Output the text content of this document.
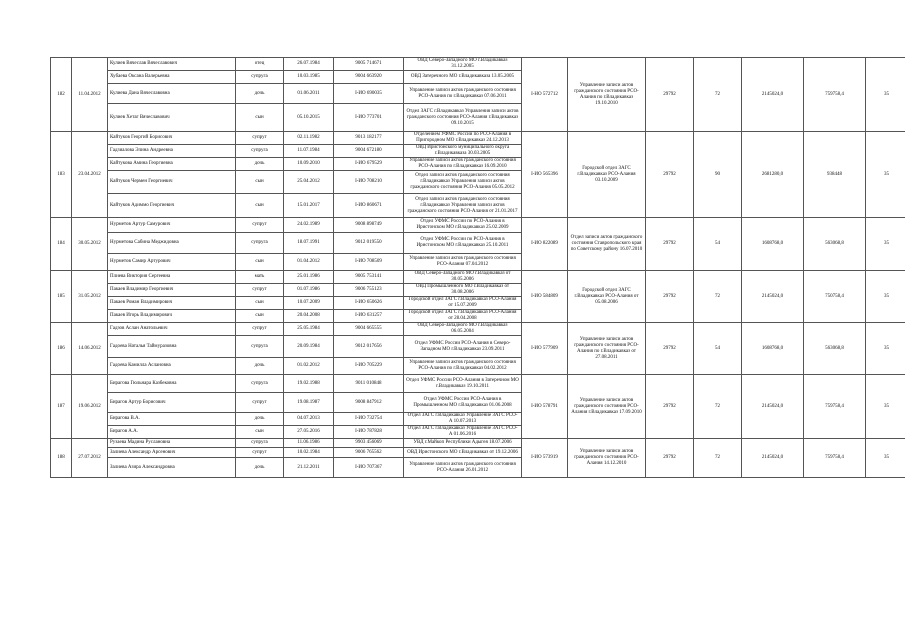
182	11.04.2012	Кулиев Вячеслав Вячеславович	отец	26.07.1984	9005 714671	ОВД Северо-Западного МО г.Владикавказ 31.12.2005	I-НО 572712	Управление записи актов гражданского состояния РСО-Алания по г.Владикавказ 19.10.2010	29792	72	2145024,0	759758,4	35
		Хубаева Оксана Валерьевна	супруга	10.03.1985	9004 663920	ОВД Затеречного МО г.Владикавказа 13.05.2005							
		Кулиева Дана Вячеславовна	дочь	01.06.2011	I-ИО 690035	Управление записи актов гражданского состояния РСО-Алания по г.Владикавказ 07.06.2011							
		Кулиев Хетаг Вячеславович	сын	05.10.2015	I-ИО 773701	Отдел ЗАГС г.Владикавказ Управления записи актов гражданского состояния РСО-Алания г.Владикавказ 09.10.2015							
183	23.04.2012	Кайтуков Георгий Борисович	супруг	02.11.1982	9013 182177	Отделением УФМС России по РСО-Алания в Пригородном МО г.Владикавказ 24.12.2013	I-ИО 565396	Городской отдел ЗАГС г.Владикавказ РСО-Алания 03.10.2009	29792	90	2681280,0	938448	35
		Гадзиалова Элина Андреевна	супруга	11.07.1984	9004 672180	ОВД Иристонского муниципального округа г.Владикавказа 30.03.2005							
		Кайтукова Амина Георгиевна	дочь	10.09.2010	I-ИО 679529	Управление записи актов гражданского состояния РСО-Алания по г.Владикавказ 16.09.2010							
		Кайтуков Чермен Георгиевич	сын	25.04.2012	I-ИО 708210	Отдел записи актов гражданского состояния г.Владикавказ Управления записи актов гражданского состояния РСО-Алания 05.05.2012							
		Кайтуков Адиммо Георгиевич	сын	15.01.2017	I-ИО 860671	Отдел записи актов гражданского состояния г.Владикавказ Управления записи актов гражданского состояния РСО-Алания от 21.01.2017							
184	30.05.2012	Нурметов Артур Самурович	супруг	24.02.1989	9008 898749	Отдел УФМС России по РСО-Алания в Иристонском МО г.Владикавказ 25.02.2009	I-ИО 822089	Отдел записи актов гражданского состояния Ставропольского края по Советскому району 16.07.2010	29792	54	1608768,0	563068,8	35
		Нурметова Сабина Меджидовна	супруга	18.07.1991	9012 019550	Отдел УФМС России по РСО-Алания в Иристонском МО г.Владикавказ 25.10.2011							
		Нурметов Самир Артурович	сын	01.04.2012	I-ИО 708509	Управление записи актов гражданского состояния РСО-Алания 07.04.2012							
185	31.05.2012	Плиева Виктория Сергеевна	мать	25.01.1986	9005 753141	ОВД Северо-Западного МО г.Владикавказ от 30.05.2006	I-ИО 584809	Городской отдел ЗАГС г.Владикавказ РСО-Алания от 05.08.2006	29792	72	2145024,0	750758,4	35
		Пакаев Владимир Георгиевич	супруг	01.07.1986	9006 755123	ОВД Промышленного МО г.Владикавказ от 30.08.2006							
		Пакаев Роман Владимирович	сын	10.07.2009	I-ИО 650626	Городской отдел ЗАГС г.Владикавказ РСО-Алания от 15.07.2009							
		Пакаев Игорь Владимирович	сын	20.04.2008	I-ИО 631257	Городской отдел ЗАГС г.Владикавказ РСО-Алания от 28.04.2008							
186	14.06.2012	Гадзов Аслан Анатольевич	супруг	25.05.1984	9004 665555	ОВД Северо-Западного МО г.Владикавказ 06.05.2004	I-ИО 577909	Управление записи актов гражданского состояния РСО-Алания по г.Владикавказ от 27.08.2011	29792	54	1608768,0	563068,8	35
		Гадоева Наталья Таймуразовна	супруга	20.09.1984	9012 017656	Отдел УФМС России РСО-Алания в Северо-Западном МО г.Владикавказ 23.09.2011							
		Гадоева Камилла Аслановна	дочь	01.02.2012	I-ИО 705229	Управление записи актов гражданского состояния РСО-Алания по г.Владикавказ 04.02.2012							
187	19.06.2012	Бирагова Гюльнара Казбековна	супруга	19.02.1988	9011 010848	Отдел УФМС России РСО-Алания в Затеречном МО г.Владикавказ 19.10.2011	I-ИО 578791	Управление записи актов гражданского состояния РСО-Алания г.Владикавказ 17.09.2010	29792	72	2145024,0	759758,4	35
		Бирагов Артур Борисович	супруг	19.08.1987	9008 847912	Отдел УФМС России РСО-Алания в Промышленном МО г.Владикавказ 01.06.2008							
		Бирагова В.А.	дочь	04.07.2013	I-ИО 732754	Отдел ЗАГС г.Владикавказ Управление ЗАГС РСО-А 10.07.2013							
		Бирагов А.А.	сын	27.05.2016	I-ИО 787828	Отдел ЗАГС г.Владикавказ Управление ЗАГС РСО-А 01.06.2016							
188	27.07.2012	Рузаева Мадина Руслановна	супруга	11.06.1986	9903 456069	УВД г.Майкоп Республики Адыгея 18.07.2006	I-ИО 573919	Управление записи актов гражданского состояния РСО-Алания 14.12.2010	29792	72	2145024,0	759758,4	35
		Залиева Александр Арсенович	супруг	10.02.1984	9006 765562	ОВД Иристонского МО г.Владикавказ от 19.12.2006							
		Залиева Азира Александровна	дочь	21.12.2011	I-ИО 707367	Управление записи актов гражданского состояния РСО-Алания 26.01.2012							
